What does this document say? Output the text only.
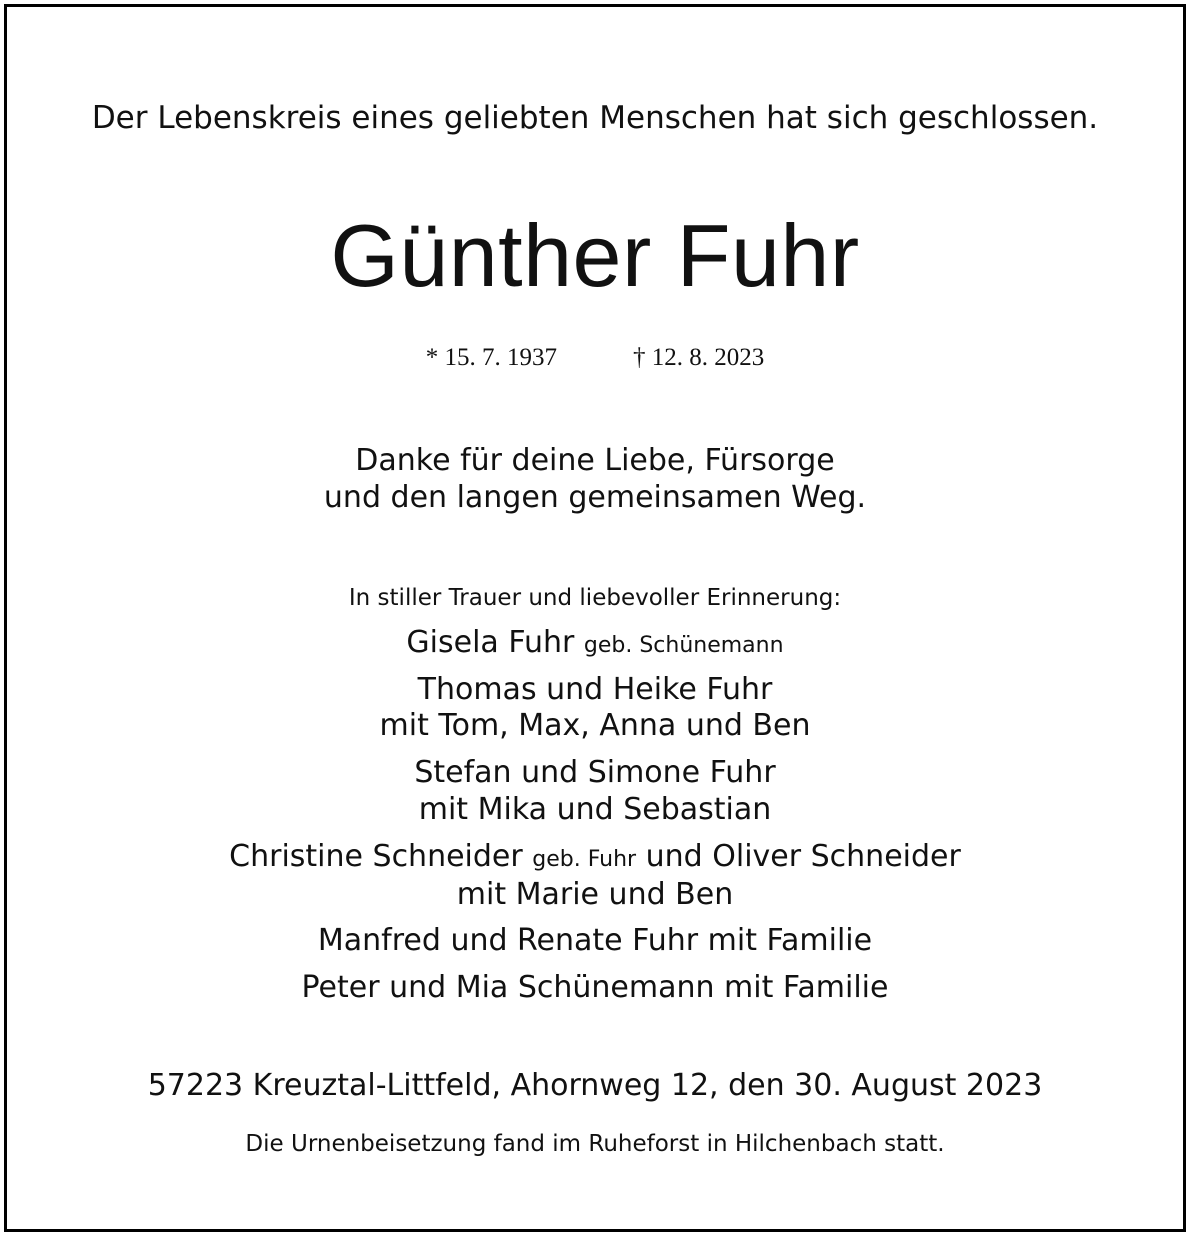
Der Lebenskreis eines geliebten Menschen hat sich geschlossen.
Günther Fuhr
* 15. 7. 1937	† 12. 8. 2023
Danke für deine Liebe, Fürsorge
und den langen gemeinsamen Weg.
In stiller Trauer und liebevoller Erinnerung:
Gisela Fuhr geb. Schünemann
Thomas und Heike Fuhr
mit Tom, Max, Anna und Ben
Stefan und Simone Fuhr
mit Mika und Sebastian
Christine Schneider geb. Fuhr und Oliver Schneider
mit Marie und Ben
Manfred und Renate Fuhr mit Familie
Peter und Mia Schünemann mit Familie
57223 Kreuztal-Littfeld, Ahornweg 12, den 30. August 2023
Die Urnenbeisetzung fand im Ruheforst in Hilchenbach statt.
